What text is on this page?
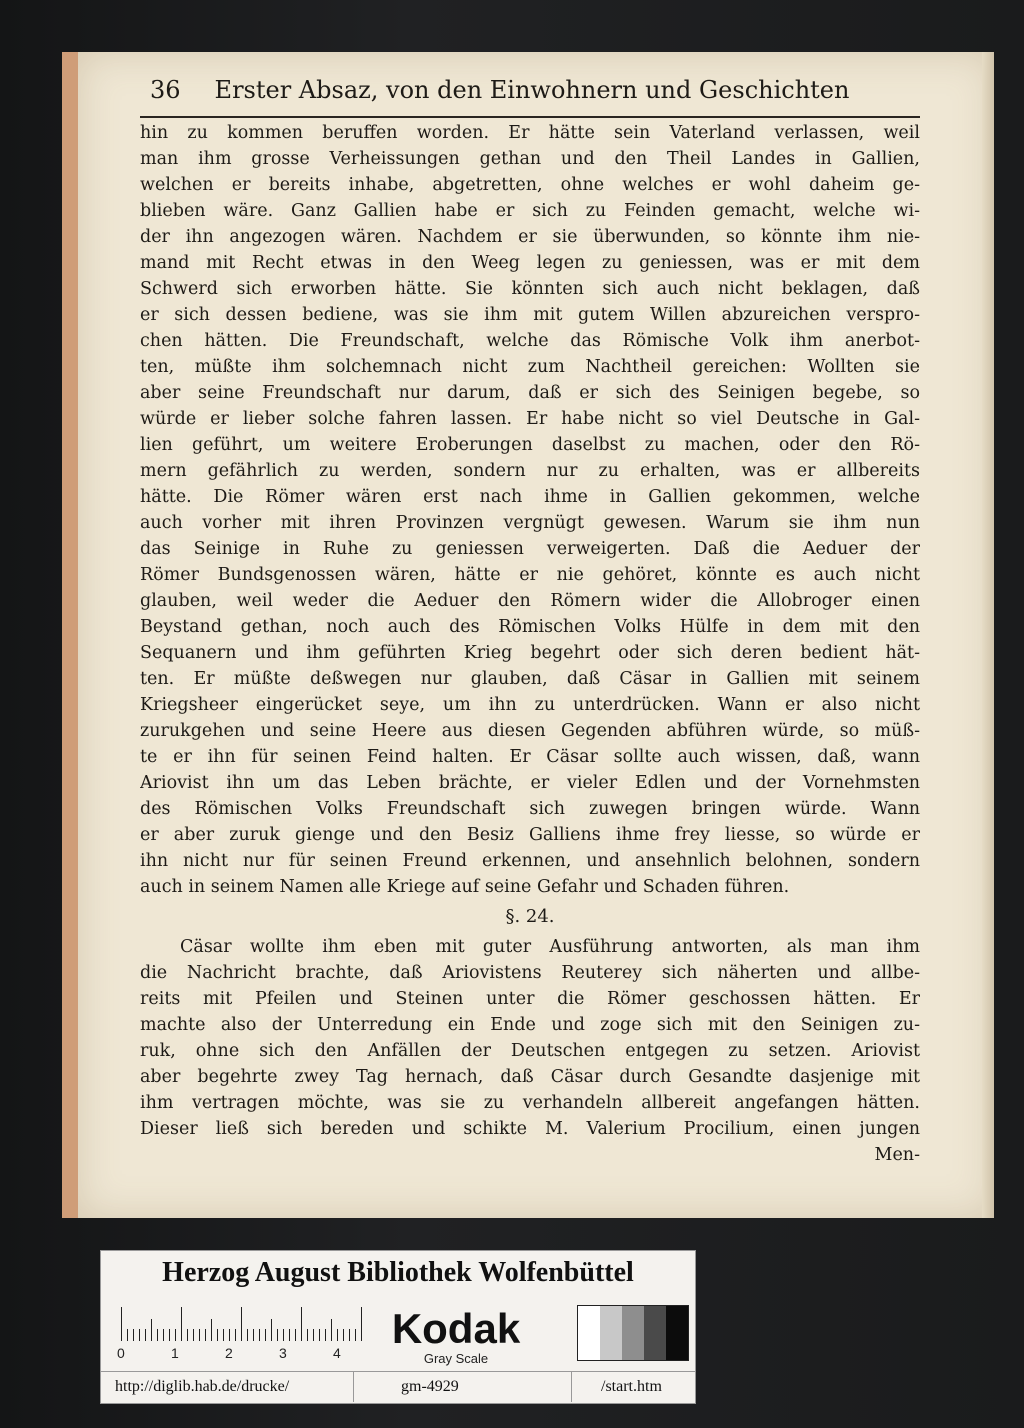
36 Erster Absaz, von den Einwohnern und Geschichten
hin zu kommen beruffen worden. Er hätte sein Vaterland verlassen, weil
man ihm grosse Verheissungen gethan und den Theil Landes in Gallien,
welchen er bereits inhabe, abgetretten, ohne welches er wohl daheim ge-
blieben wäre. Ganz Gallien habe er sich zu Feinden gemacht, welche wi-
der ihn angezogen wären. Nachdem er sie überwunden, so könnte ihm nie-
mand mit Recht etwas in den Weeg legen zu geniessen, was er mit dem
Schwerd sich erworben hätte. Sie könnten sich auch nicht beklagen, daß
er sich dessen bediene, was sie ihm mit gutem Willen abzureichen verspro-
chen hätten. Die Freundschaft, welche das Römische Volk ihm anerbot-
ten, müßte ihm solchemnach nicht zum Nachtheil gereichen: Wollten sie
aber seine Freundschaft nur darum, daß er sich des Seinigen begebe, so
würde er lieber solche fahren lassen. Er habe nicht so viel Deutsche in Gal-
lien geführt, um weitere Eroberungen daselbst zu machen, oder den Rö-
mern gefährlich zu werden, sondern nur zu erhalten, was er allbereits
hätte. Die Römer wären erst nach ihme in Gallien gekommen, welche
auch vorher mit ihren Provinzen vergnügt gewesen. Warum sie ihm nun
das Seinige in Ruhe zu geniessen verweigerten. Daß die Aeduer der
Römer Bundsgenossen wären, hätte er nie gehöret, könnte es auch nicht
glauben, weil weder die Aeduer den Römern wider die Allobroger einen
Beystand gethan, noch auch des Römischen Volks Hülfe in dem mit den
Sequanern und ihm geführten Krieg begehrt oder sich deren bedient hät-
ten. Er müßte deßwegen nur glauben, daß Cäsar in Gallien mit seinem
Kriegsheer eingerücket seye, um ihn zu unterdrücken. Wann er also nicht
zurukgehen und seine Heere aus diesen Gegenden abführen würde, so müß-
te er ihn für seinen Feind halten. Er Cäsar sollte auch wissen, daß, wann
Ariovist ihn um das Leben brächte, er vieler Edlen und der Vornehmsten
des Römischen Volks Freundschaft sich zuwegen bringen würde. Wann
er aber zuruk gienge und den Besiz Galliens ihme frey liesse, so würde er
ihn nicht nur für seinen Freund erkennen, und ansehnlich belohnen, sondern
auch in seinem Namen alle Kriege auf seine Gefahr und Schaden führen.
§. 24.
Cäsar wollte ihm eben mit guter Ausführung antworten, als man ihm
die Nachricht brachte, daß Ariovistens Reuterey sich näherten und allbe-
reits mit Pfeilen und Steinen unter die Römer geschossen hätten. Er
machte also der Unterredung ein Ende und zoge sich mit den Seinigen zu-
ruk, ohne sich den Anfällen der Deutschen entgegen zu setzen. Ariovist
aber begehrte zwey Tag hernach, daß Cäsar durch Gesandte dasjenige mit
ihm vertragen möchte, was sie zu verhandeln allbereit angefangen hätten.
Dieser ließ sich bereden und schikte M. Valerium Procilium, einen jungen
Men-
Herzog August Bibliothek Wolfenbüttel
0	1	2	3	4
Kodak
Gray Scale
http://diglib.hab.de/drucke/	gm-4929	/start.htm
